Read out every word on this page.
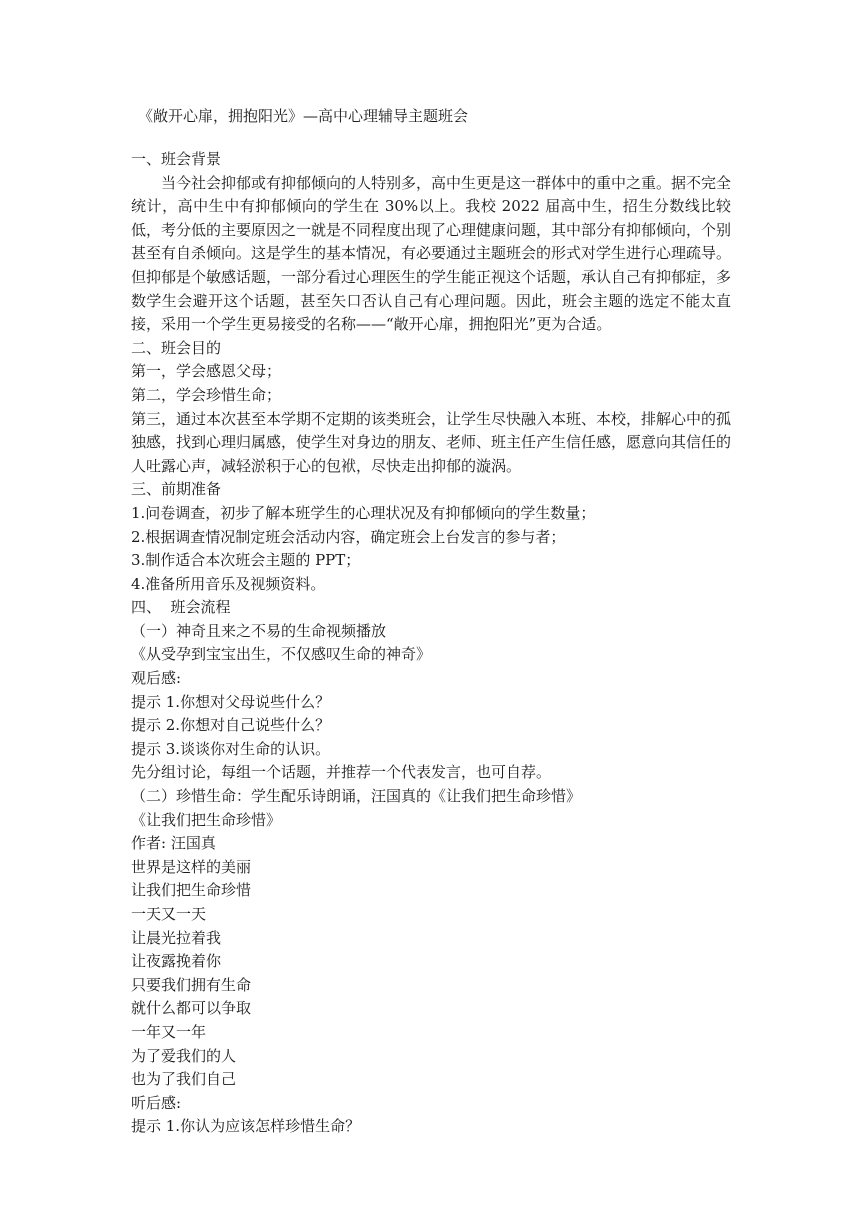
《敞开心扉，拥抱阳光》—高中心理辅导主题班会
一、班会背景
当今社会抑郁或有抑郁倾向的人特别多，高中生更是这一群体中的重中之重。据不完全统计，高中生中有抑郁倾向的学生在 30%以上。我校 2022 届高中生，招生分数线比较低，考分低的主要原因之一就是不同程度出现了心理健康问题，其中部分有抑郁倾向，个别甚至有自杀倾向。这是学生的基本情况，有必要通过主题班会的形式对学生进行心理疏导。但抑郁是个敏感话题，一部分看过心理医生的学生能正视这个话题，承认自己有抑郁症，多数学生会避开这个话题，甚至矢口否认自己有心理问题。因此，班会主题的选定不能太直接，采用一个学生更易接受的名称——“敞开心扉，拥抱阳光”更为合适。
二、班会目的
第一，学会感恩父母；
第二，学会珍惜生命；
第三，通过本次甚至本学期不定期的该类班会，让学生尽快融入本班、本校，排解心中的孤独感，找到心理归属感，使学生对身边的朋友、老师、班主任产生信任感，愿意向其信任的人吐露心声，减轻淤积于心的包袱，尽快走出抑郁的漩涡。
三、前期准备
1.问卷调查，初步了解本班学生的心理状况及有抑郁倾向的学生数量；
2.根据调查情况制定班会活动内容，确定班会上台发言的参与者；
3.制作适合本次班会主题的 PPT；
4.准备所用音乐及视频资料。
四、  班会流程
（一）神奇且来之不易的生命视频播放
《从受孕到宝宝出生，不仅感叹生命的神奇》
观后感:
提示 1.你想对父母说些什么？
提示 2.你想对自己说些什么？
提示 3.谈谈你对生命的认识。
先分组讨论，每组一个话题，并推荐一个代表发言，也可自荐。
（二）珍惜生命：学生配乐诗朗诵，汪国真的《让我们把生命珍惜》
《让我们把生命珍惜》
作者: 汪国真
世界是这样的美丽
让我们把生命珍惜
一天又一天
让晨光拉着我
让夜露挽着你
只要我们拥有生命
就什么都可以争取
一年又一年
为了爱我们的人
也为了我们自己
听后感:
提示 1.你认为应该怎样珍惜生命？
